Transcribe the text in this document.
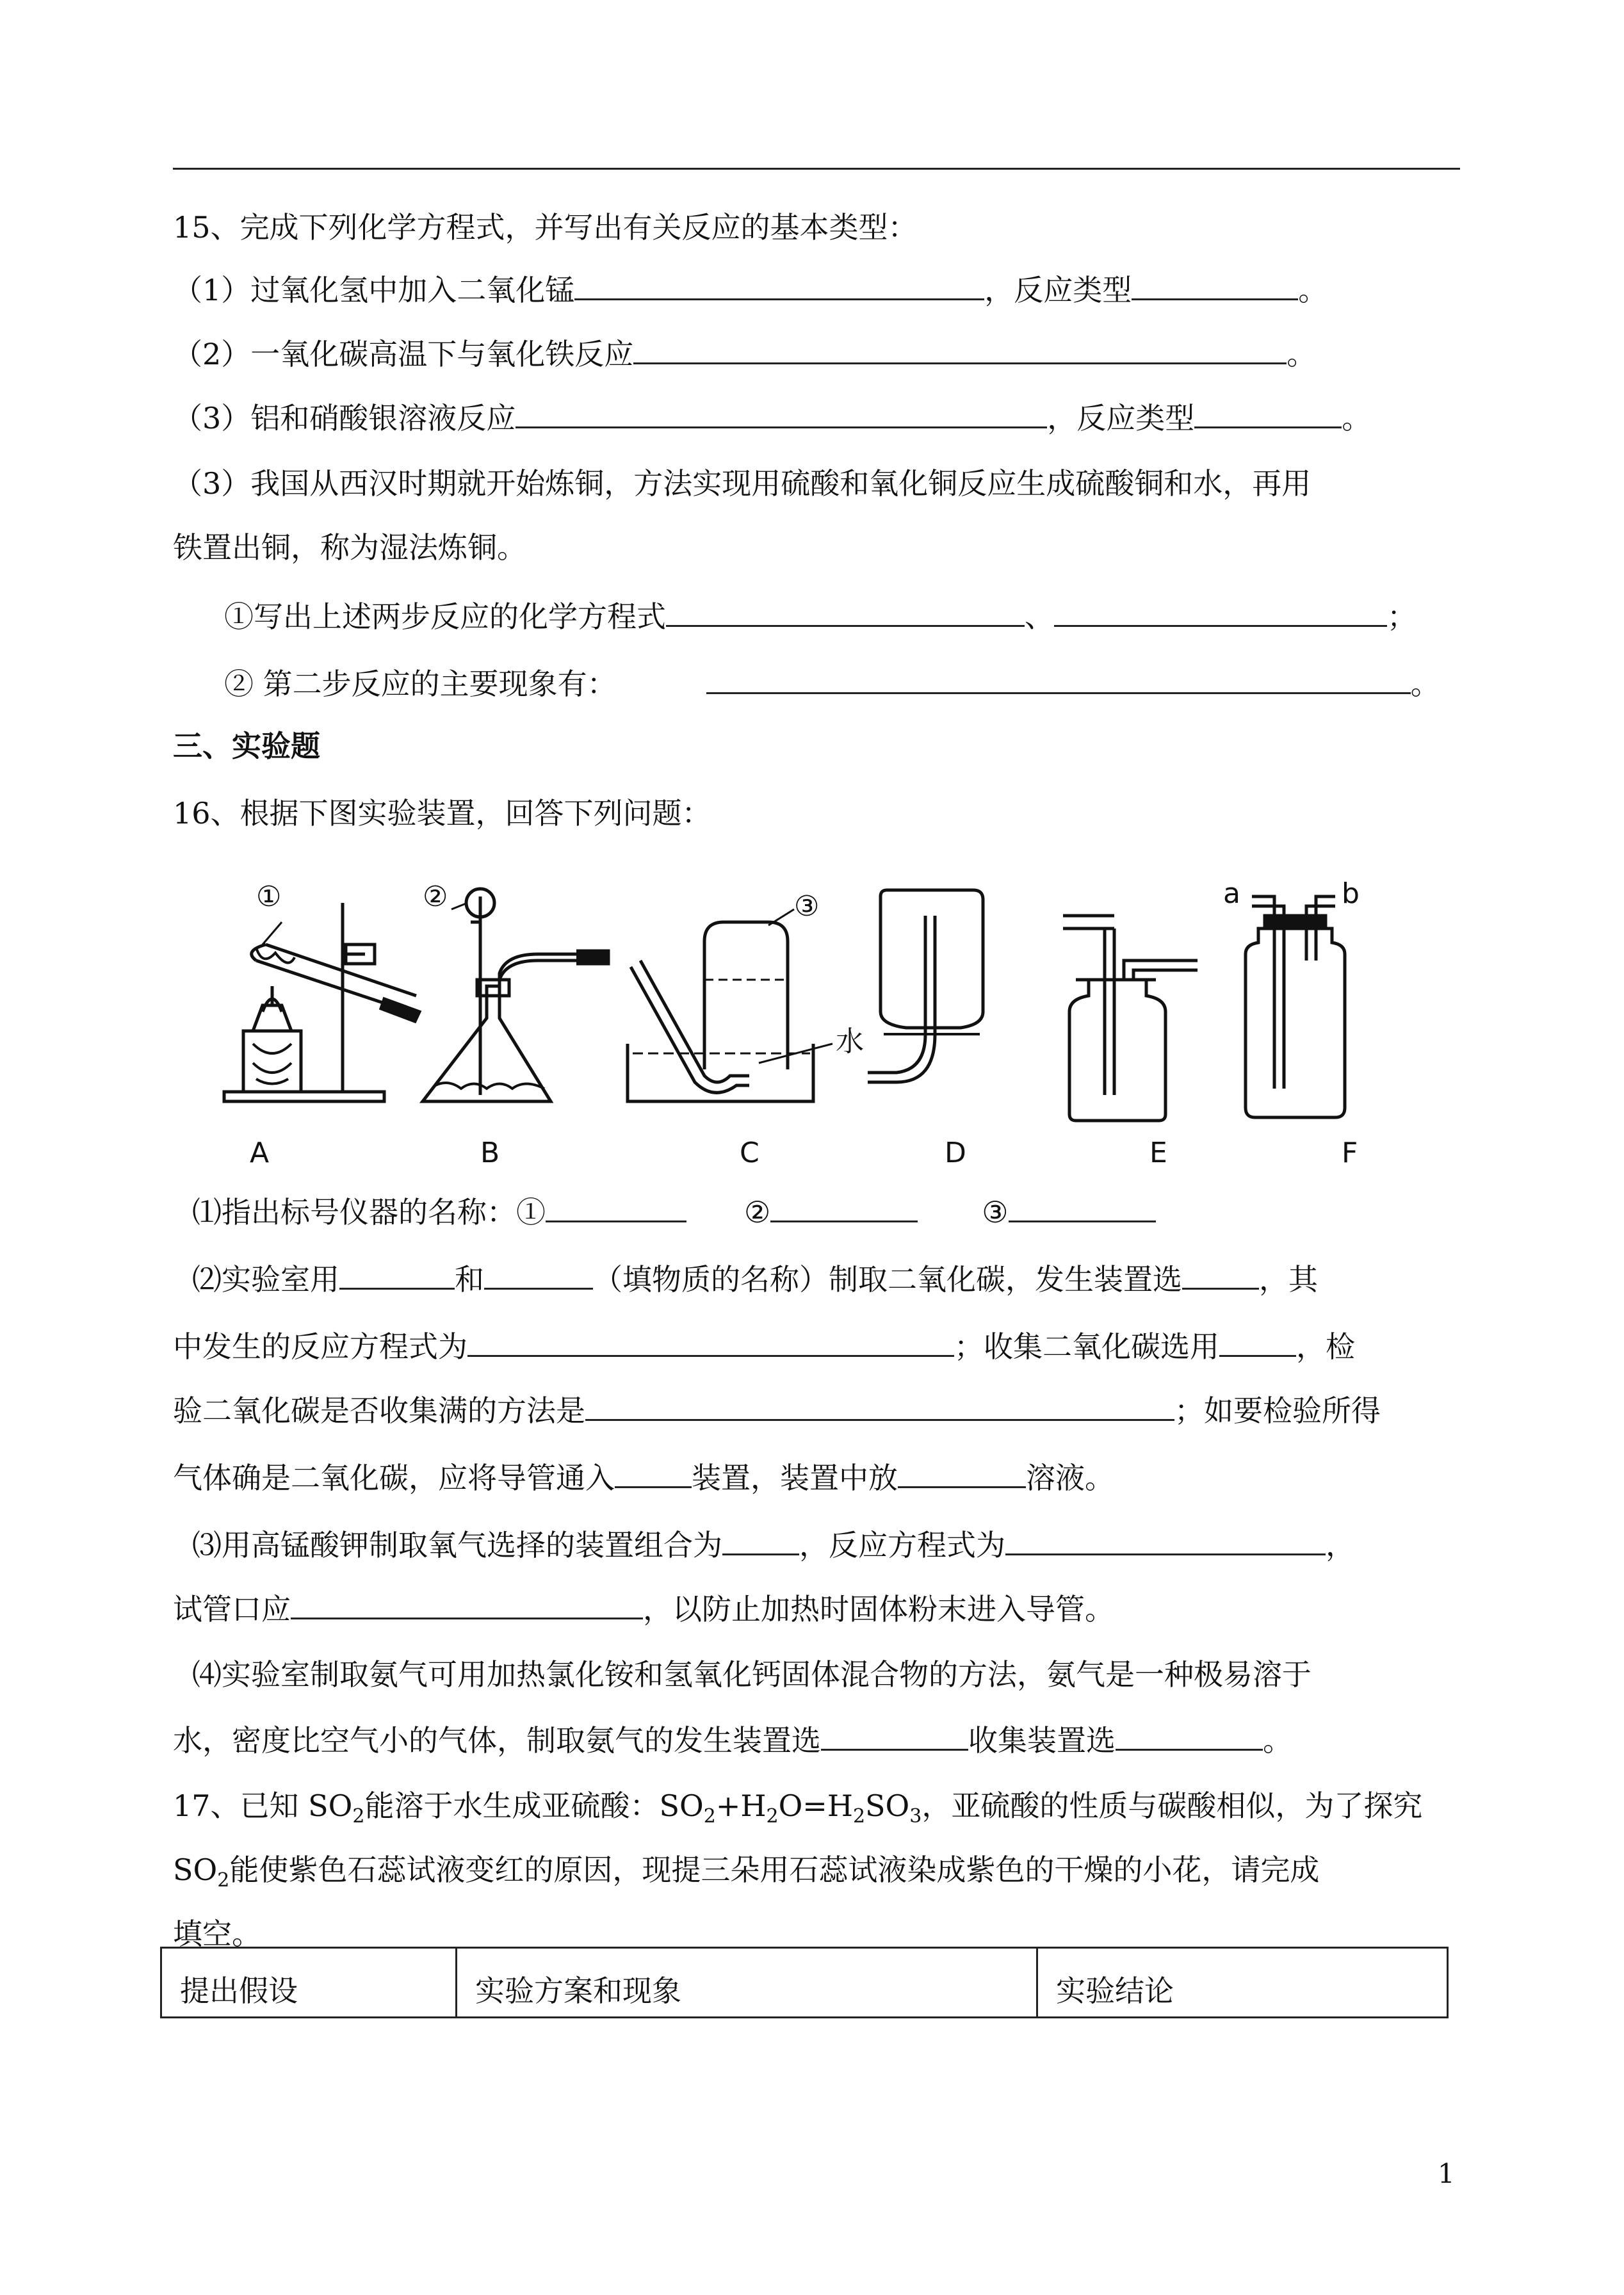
15、完成下列化学方程式，并写出有关反应的基本类型：
（1）过氧化氢中加入二氧化锰	，反应类型	。
（2）一氧化碳高温下与氧化铁反应	。
（3）铝和硝酸银溶液反应	，反应类型	。
（3）我国从西汉时期就开始炼铜，方法实现用硫酸和氧化铜反应生成硫酸铜和水，再用
铁置出铜，称为湿法炼铜。
①写出上述两步反应的化学方程式	、	；
② 第二步反应的主要现象有：	。
三、实验题
16、根据下图实验装置，回答下列问题：
①	②	③
水
a	b
A	B	C	D	E	F
⑴指出标号仪器的名称：①	②	③
⑵实验室用	和	（填物质的名称）制取二氧化碳，发生装置选	，其
中发生的反应方程式为	；收集二氧化碳选用	，检
验二氧化碳是否收集满的方法是	；如要检验所得
气体确是二氧化碳，应将导管通入	装置，装置中放	溶液。
⑶用高锰酸钾制取氧气选择的装置组合为	，反应方程式为	，
试管口应	，以防止加热时固体粉末进入导管。
⑷实验室制取氨气可用加热氯化铵和氢氧化钙固体混合物的方法，氨气是一种极易溶于
水，密度比空气小的气体，制取氨气的发生装置选	收集装置选	。
17、已知 $SO_2$能溶于水生成亚硫酸：$SO_2+H_2O=H_2SO_3$，亚硫酸的性质与碳酸相似，为了探究
$SO_2$能使紫色石蕊试液变红的原因，现提三朵用石蕊试液染成紫色的干燥的小花，请完成
填空。
提出假设	实验方案和现象	实验结论
1
